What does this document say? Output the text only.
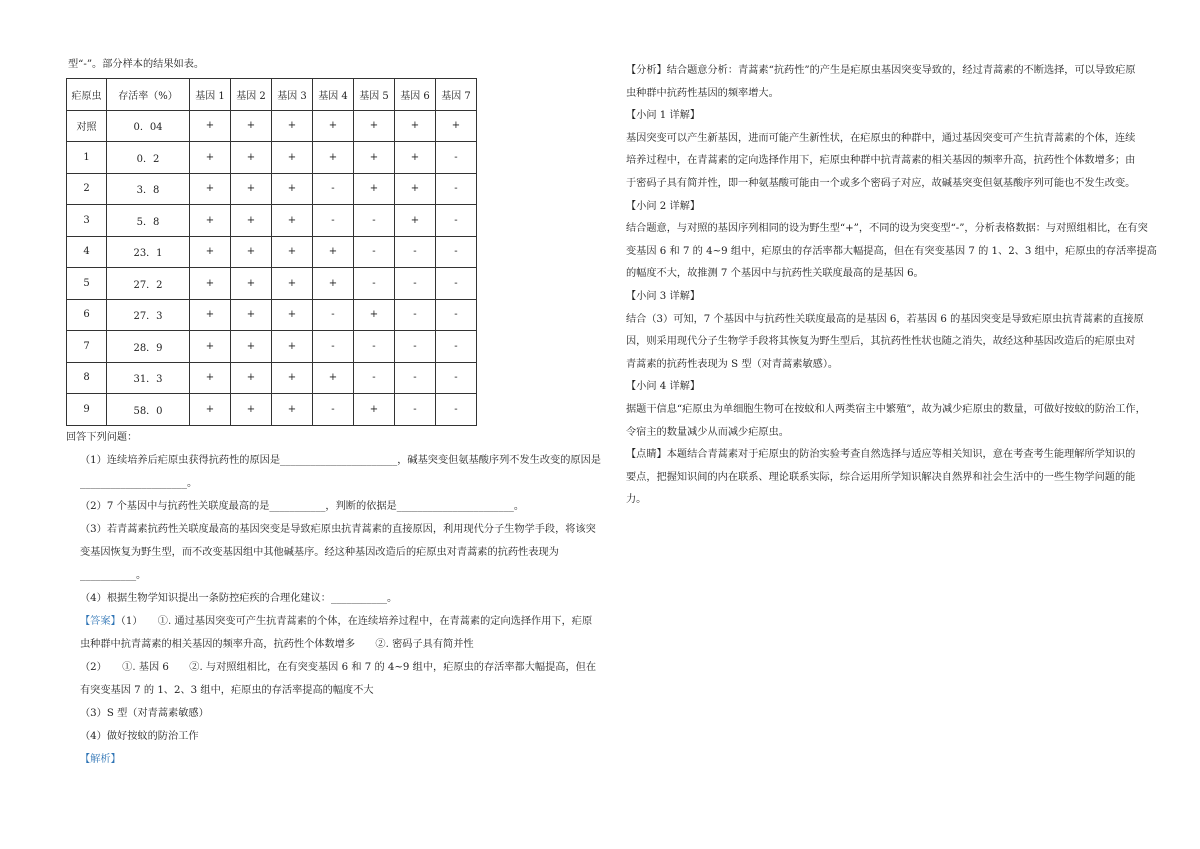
型“-”。部分样本的结果如表。
疟原虫	存活率（%）	基因 1	基因 2	基因 3	基因 4	基因 5	基因 6	基因 7
对照	0．04	+	+	+	+	+	+	+
1	0．2	+	+	+	+	+	+	-
2	3．8	+	+	+	-	+	+	-
3	5．8	+	+	+	-	-	+	-
4	23．1	+	+	+	+	-	-	-
5	27．2	+	+	+	+	-	-	-
6	27．3	+	+	+	-	+	-	-
7	28．9	+	+	+	-	-	-	-
8	31．3	+	+	+	+	-	-	-
9	58．0	+	+	+	-	+	-	-

回答下列问题：

（1）连续培养后疟原虫获得抗药性的原因是_______________________，碱基突变但氨基酸序列不发生改变的原因是

_____________________。

（2）7 个基因中与抗药性关联度最高的是___________，判断的依据是_______________________。

（3）若青蒿素抗药性关联度最高的基因突变是导致疟原虫抗青蒿素的直接原因，利用现代分子生物学手段，将该突

变基因恢复为野生型，而不改变基因组中其他碱基序。经这种基因改造后的疟原虫对青蒿素的抗药性表现为

___________。

（4）根据生物学知识提出一条防控疟疾的合理化建议：___________。

【答案】（1）　　①. 通过基因突变可产生抗青蒿素的个体，在连续培养过程中，在青蒿素的定向选择作用下，疟原

虫种群中抗青蒿素的相关基因的频率升高，抗药性个体数增多　　②. 密码子具有简并性

（2）　　①. 基因 6　　②. 与对照组相比，在有突变基因 6 和 7 的 4~9 组中，疟原虫的存活率都大幅提高，但在

有突变基因 7 的 1、2、3 组中，疟原虫的存活率提高的幅度不大

（3）S 型（对青蒿素敏感）

（4）做好按蚊的防治工作

【解析】

【分析】结合题意分析：青蒿素“抗药性”的产生是疟原虫基因突变导致的，经过青蒿素的不断选择，可以导致疟原

虫种群中抗药性基因的频率增大。

【小问 1 详解】

基因突变可以产生新基因，进而可能产生新性状，在疟原虫的种群中，通过基因突变可产生抗青蒿素的个体，连续

培养过程中，在青蒿素的定向选择作用下，疟原虫种群中抗青蒿素的相关基因的频率升高，抗药性个体数增多；由

于密码子具有简并性，即一种氨基酸可能由一个或多个密码子对应，故碱基突变但氨基酸序列可能也不发生改变。

【小问 2 详解】

结合题意，与对照的基因序列相同的设为野生型“+”，不同的设为突变型“-”，分析表格数据：与对照组相比，在有突

变基因 6 和 7 的 4~9 组中，疟原虫的存活率都大幅提高，但在有突变基因 7 的 1、2、3 组中，疟原虫的存活率提高

的幅度不大，故推测 7 个基因中与抗药性关联度最高的是基因 6。

【小问 3 详解】

结合（3）可知，7 个基因中与抗药性关联度最高的是基因 6，若基因 6 的基因突变是导致疟原虫抗青蒿素的直接原

因，则采用现代分子生物学手段将其恢复为野生型后，其抗药性性状也随之消失，故经这种基因改造后的疟原虫对

青蒿素的抗药性表现为 S 型（对青蒿素敏感）。

【小问 4 详解】

据题干信息“疟原虫为单细胞生物可在按蚊和人两类宿主中繁殖”，故为减少疟原虫的数量，可做好按蚊的防治工作，

令宿主的数量减少从而减少疟原虫。

【点睛】本题结合青蒿素对于疟原虫的防治实验考查自然选择与适应等相关知识，意在考查考生能理解所学知识的

要点，把握知识间的内在联系、理论联系实际，综合运用所学知识解决自然界和社会生活中的一些生物学问题的能

力。
